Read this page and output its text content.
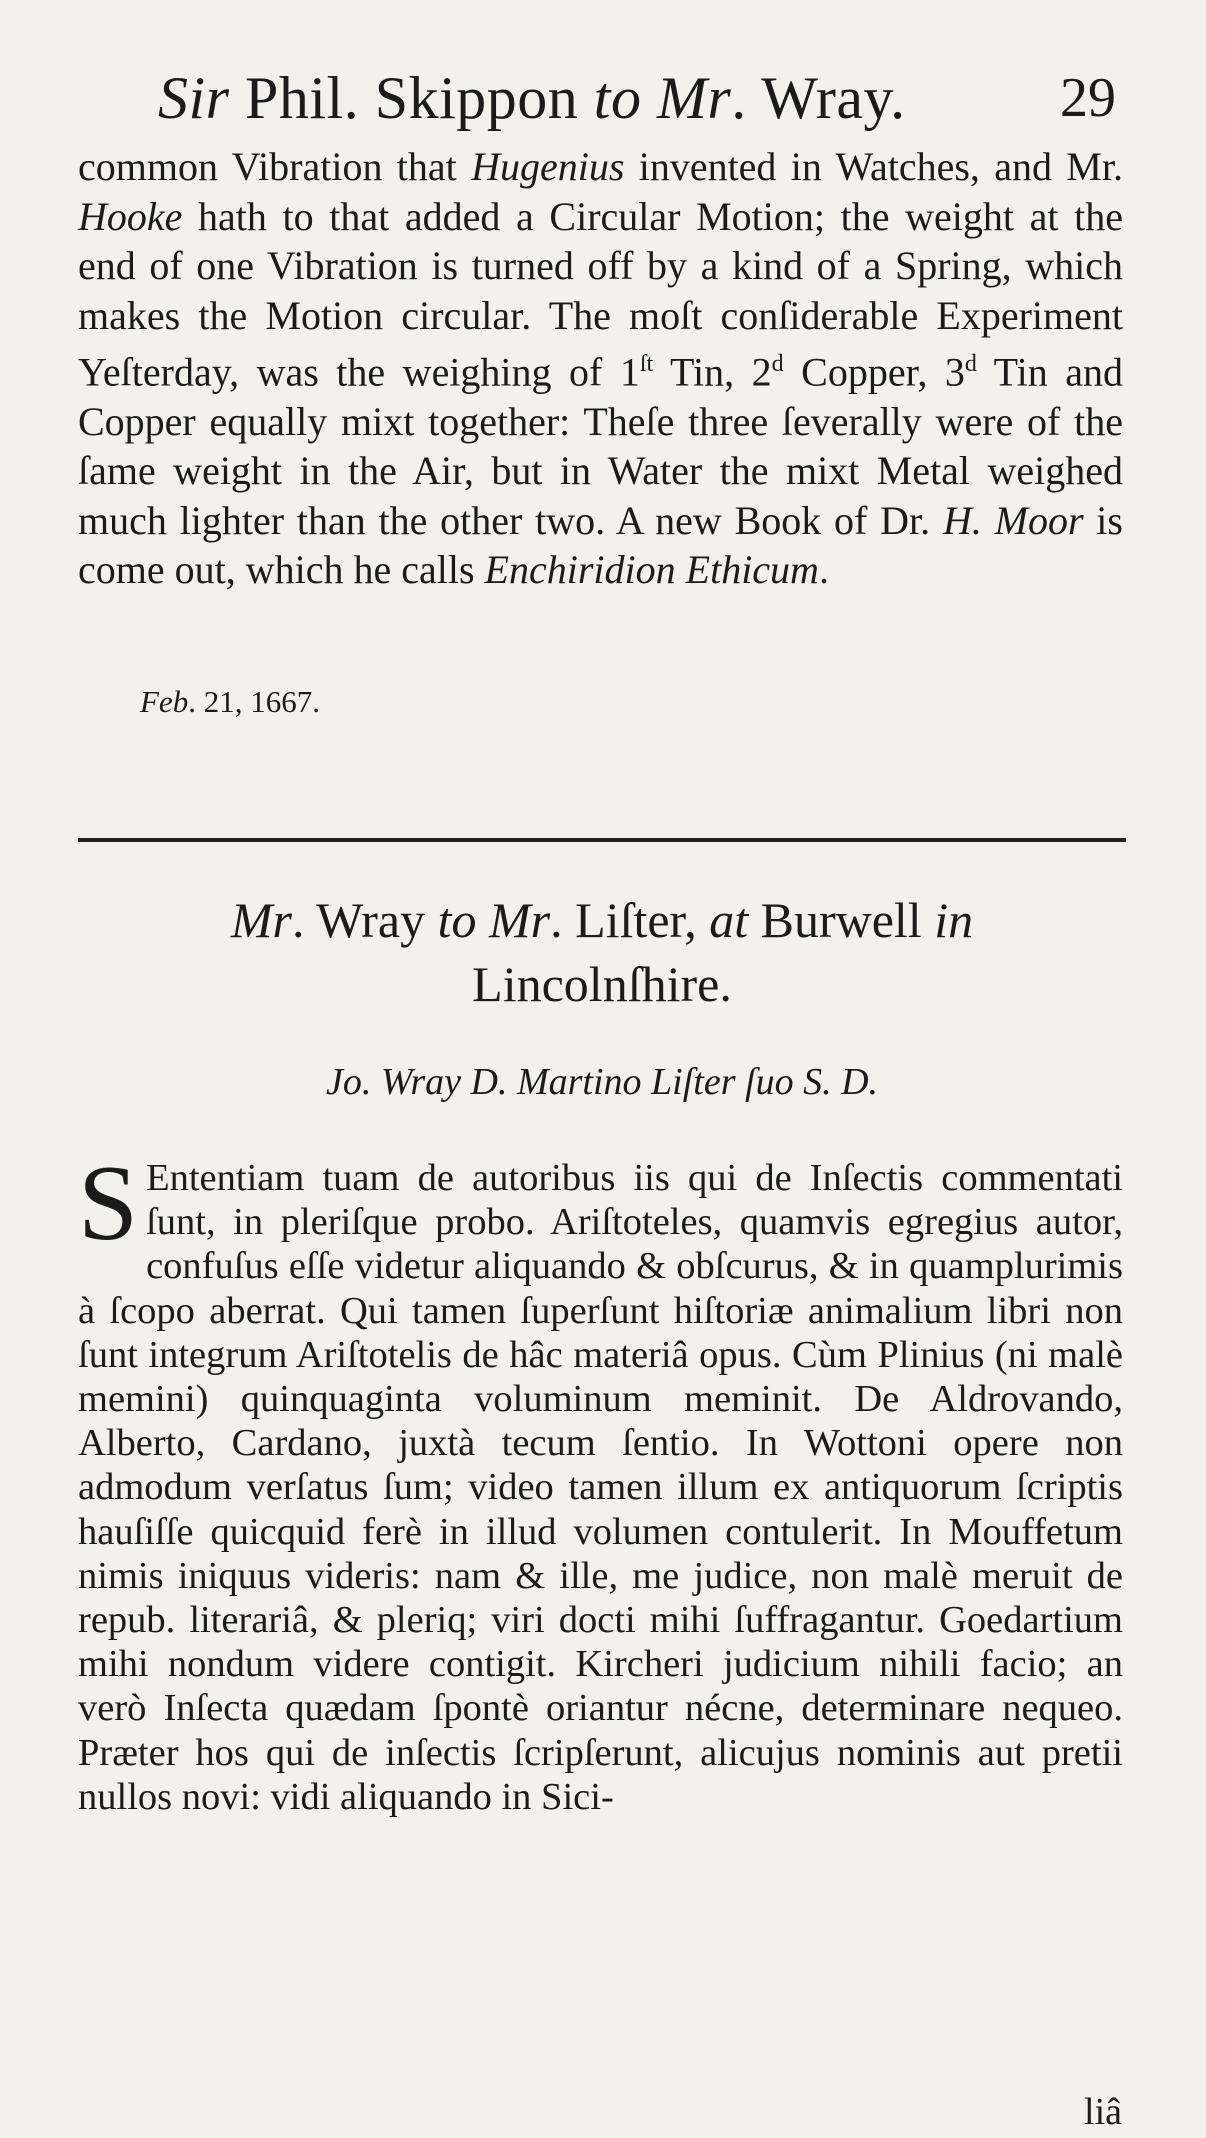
Sir Phil. Skippon to Mr. Wray.	29

common Vibration that Hugenius invented in Watches, and Mr. Hooke hath to that added a Circular Motion; the weight at the end of one Vibration is turned off by a kind of a Spring, which makes the Motion circular. The moſt conſiderable Experiment Yeſterday, was the weighing of $1^{ſt}$ Tin, 2$^d$ Copper, 3$^d$ Tin and Copper equally mixt together: Theſe three ſeverally were of the ſame weight in the Air, but in Water the mixt Metal weighed much lighter than the other two. A new Book of Dr. H. Moor is come out, which he calls Enchiridion Ethicum.

Feb. 21, 1667.
Mr. Wray to Mr. Liſter, at Burwell in
Lincolnſhire.
Jo. Wray D. Martino Liſter ſuo S. D.
S Ententiam tuam de autoribus iis qui de Inſectis commentati ſunt, in pleriſque probo. Ariſtoteles, quamvis egregius autor, confuſus eſſe videtur aliquando & obſcurus, & in quamplurimis à ſcopo aberrat. Qui tamen ſuperſunt hiſtoriæ animalium libri non ſunt integrum Ariſtotelis de hâc materiâ opus. Cùm Plinius (ni malè memini) quinquaginta voluminum meminit. De Aldrovando, Alberto, Cardano, juxtà tecum ſentio. In Wottoni opere non admodum verſatus ſum; video tamen illum ex antiquorum ſcriptis hauſiſſe quicquid ferè in illud volumen contulerit. In Mouffetum nimis iniquus videris: nam & ille, me judice, non malè meruit de repub. literariâ, & pleriq; viri docti mihi ſuffragantur. Goedartium mihi nondum videre contigit. Kircheri judicium nihili facio; an verò Inſecta quædam ſpontè oriantur nécne, determinare nequeo. Præter hos qui de inſectis ſcripſerunt, alicujus nominis aut pretii nullos novi: vidi aliquando in Sici-
liâ
